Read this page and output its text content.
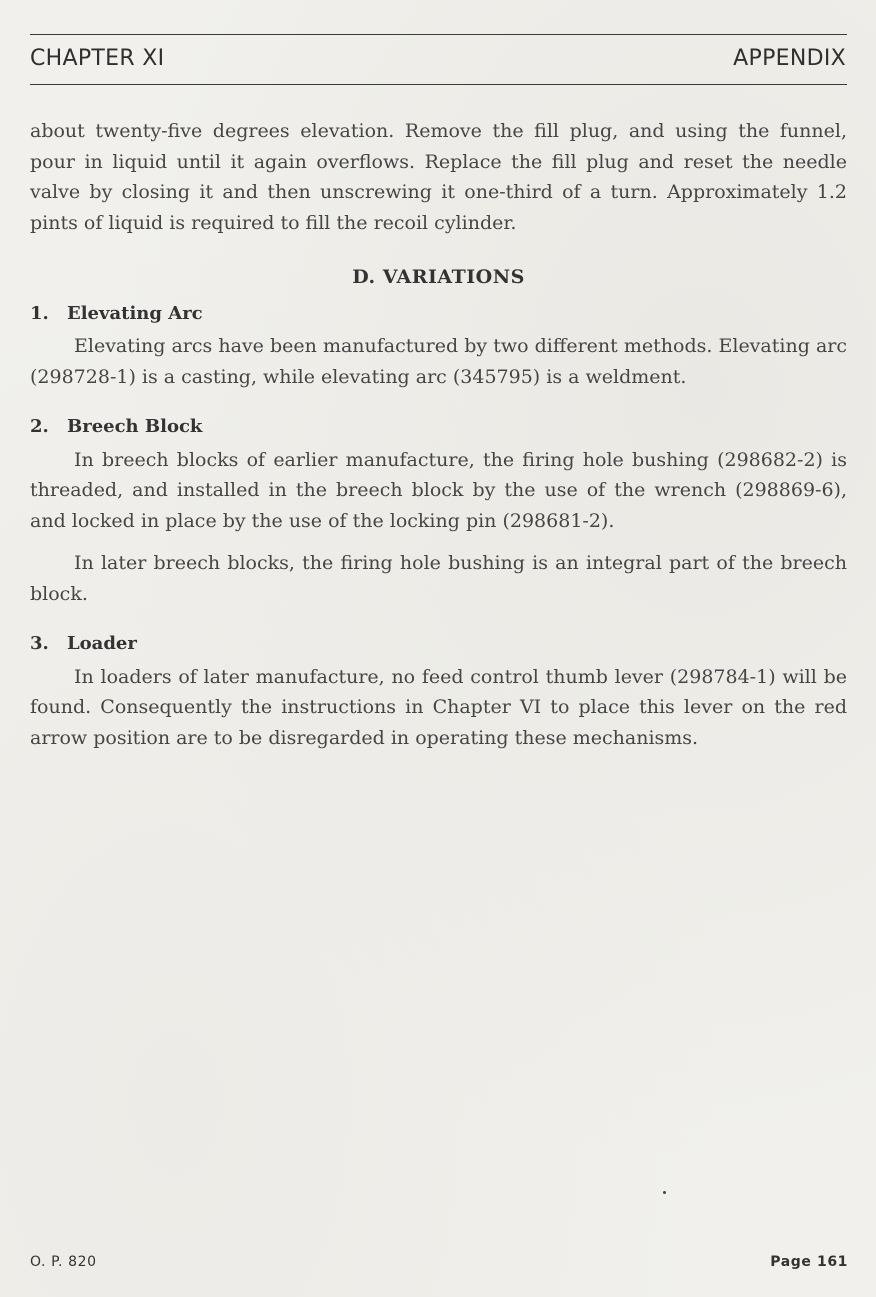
CHAPTER XI	APPENDIX

about twenty-five degrees elevation. Remove the fill plug, and using the funnel, pour in liquid until it again overflows. Replace the fill plug and reset the needle valve by closing it and then unscrewing it one-third of a turn. Approximately 1.2 pints of liquid is required to fill the recoil cylinder.

D. VARIATIONS
1. Elevating Arc

Elevating arcs have been manufactured by two different methods. Elevating arc (298728-1) is a casting, while elevating arc (345795) is a weldment.

2. Breech Block

In breech blocks of earlier manufacture, the firing hole bushing (298682-2) is threaded, and installed in the breech block by the use of the wrench (298869-6), and locked in place by the use of the locking pin (298681-2).

In later breech blocks, the firing hole bushing is an integral part of the breech block.

3. Loader

In loaders of later manufacture, no feed control thumb lever (298784-1) will be found. Consequently the instructions in Chapter VI to place this lever on the red arrow position are to be disregarded in operating these mechanisms.

O. P. 820	Page 161
